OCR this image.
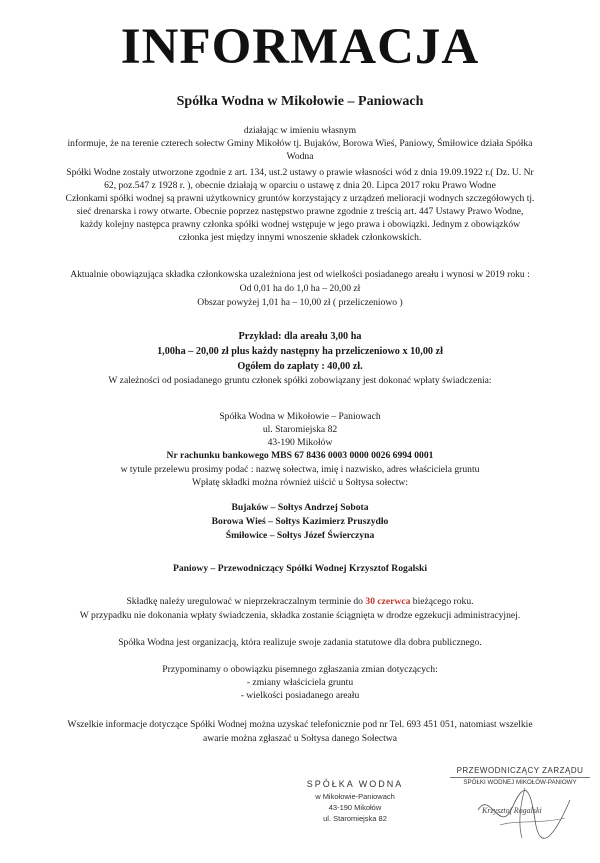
INFORMACJA
Spółka Wodna w Mikołowie – Paniowach
działając w imieniu własnym
informuje, że na terenie czterech sołectw Gminy Mikołów tj. Bujaków, Borowa Wieś, Paniowy, Śmiłowice działa Spółka
Wodna
Spółki Wodne zostały utworzone zgodnie z art. 134, ust.2 ustawy o prawie własności wód z dnia 19.09.1922 r.( Dz. U. Nr
62, poz.547 z 1928 r. ), obecnie działają w oparciu o ustawę z dnia 20. Lipca 2017 roku Prawo Wodne
Członkami spółki wodnej są prawni użytkownicy gruntów korzystający z urządzeń melioracji wodnych szczegółowych tj.
sieć drenarska i rowy otwarte. Obecnie poprzez następstwo prawne zgodnie z treścią art. 447 Ustawy Prawo Wodne,
każdy kolejny następca prawny członka spółki wodnej wstępuje w jego prawa i obowiązki. Jednym z obowiązków
członka jest między innymi wnoszenie składek członkowskich.
Aktualnie obowiązująca składka członkowska uzależniona jest od wielkości posiadanego areału i wynosi w 2019 roku :
Od 0,01 ha do 1,0 ha – 20,00 zł
Obszar powyżej 1,01 ha – 10,00 zł ( przeliczeniowo )
Przykład: dla areału 3,00 ha
1,00ha – 20,00 zł plus każdy następny ha przeliczeniowo x 10,00 zł
Ogółem do zapłaty : 40,00 zł.
W zależności od posiadanego gruntu członek spółki zobowiązany jest dokonać wpłaty świadczenia:
Spółka Wodna w Mikołowie – Paniowach
ul. Staromiejska 82
43-190 Mikołów
Nr rachunku bankowego MBS 67 8436 0003 0000 0026 6994 0001
w tytule przelewu prosimy podać : nazwę sołectwa, imię i nazwisko, adres właściciela gruntu
Wpłatę składki można również uiścić u Sołtysa sołectw:
Bujaków – Sołtys Andrzej Sobota
Borowa Wieś – Sołtys Kazimierz Pruszydło
Śmiłowice – Sołtys Józef Świerczyna
Paniowy – Przewodniczący Spółki Wodnej Krzysztof Rogalski
Składkę należy uregulować w nieprzekraczalnym terminie do 30 czerwca bieżącego roku.
W przypadku nie dokonania wpłaty świadczenia, składka zostanie ściągnięta w drodze egzekucji administracyjnej.
Spółka Wodna jest organizacją, która realizuje swoje zadania statutowe dla dobra publicznego.
Przypominamy o obowiązku pisemnego zgłaszania zmian dotyczących:
- zmiany właściciela gruntu
- wielkości posiadanego areału
Wszelkie informacje dotyczące Spółki Wodnej można uzyskać telefonicznie pod nr Tel. 693 451 051, natomiast wszelkie
awarie można zgłaszać u Sołtysa danego Sołectwa
SPÓŁKA WODNA
w Mikołowie-Paniowach
43-190 Mikołów
ul. Staromiejska 82
PRZEWODNICZĄCY ZARZĄDU
SPÓŁKI WODNEJ MIKOŁÓW-PANIOWY
Krzysztof Rogalski
